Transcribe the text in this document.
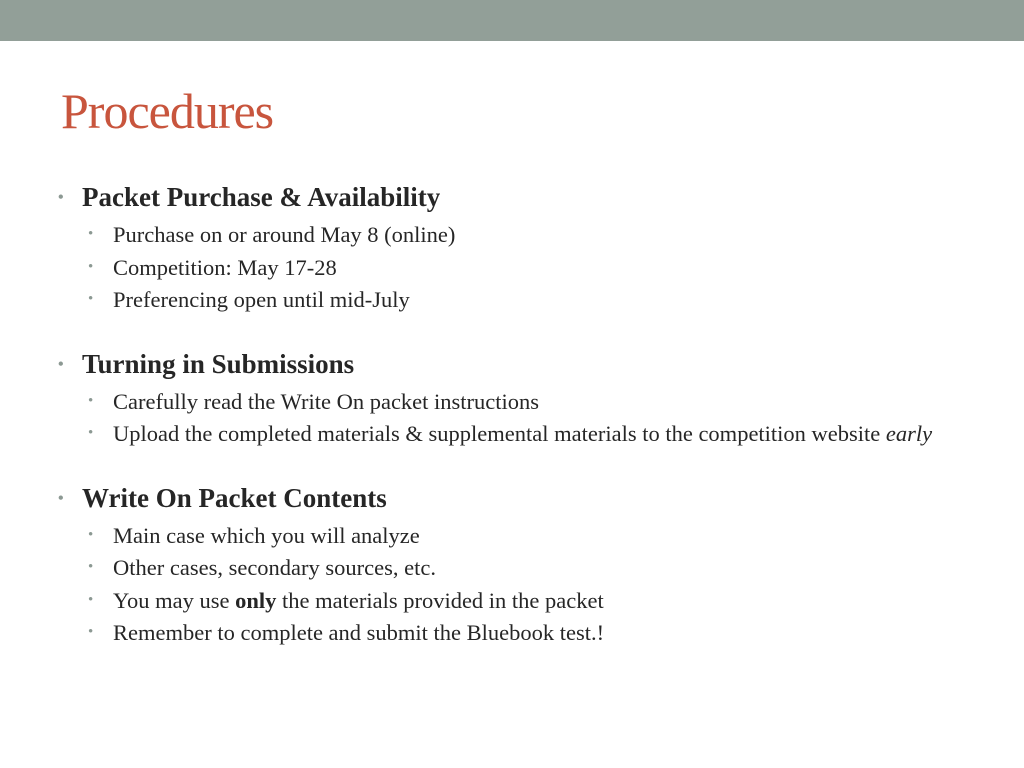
Procedures
• Packet Purchase & Availability
• Purchase on or around May 8 (online)
• Competition: May 17-28
• Preferencing open until mid-July
• Turning in Submissions
• Carefully read the Write On packet instructions
• Upload the completed materials & supplemental materials to the competition website early
• Write On Packet Contents
• Main case which you will analyze
• Other cases, secondary sources, etc.
• You may use only the materials provided in the packet
• Remember to complete and submit the Bluebook test.!
